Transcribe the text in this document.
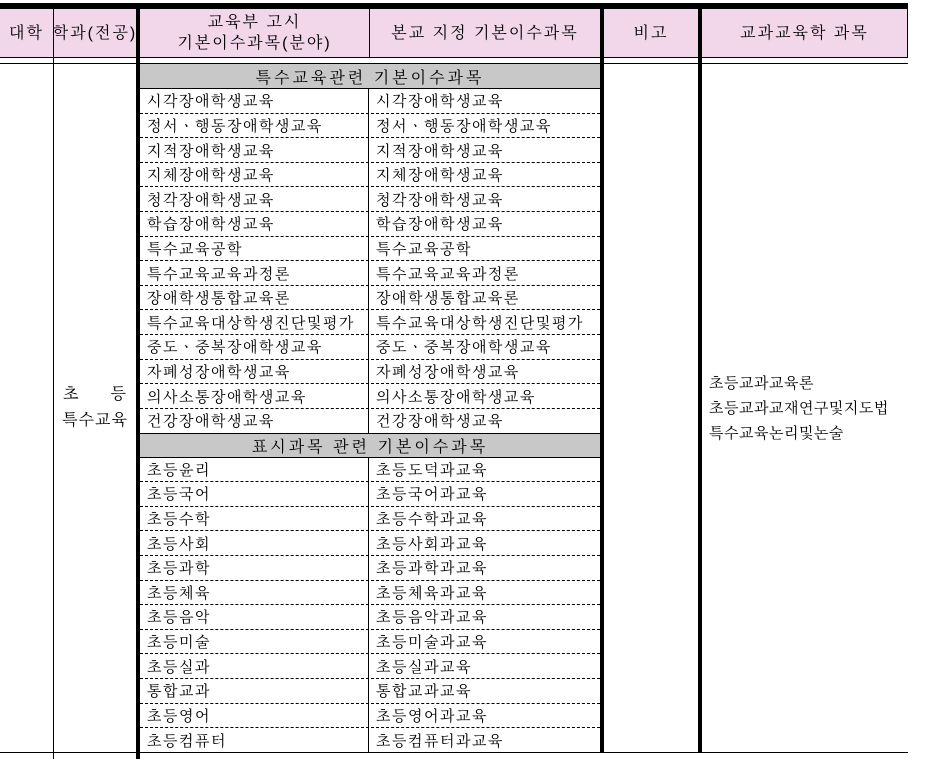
대학 학과(전공)
교육부 고시
기본이수과목(분야)
본교 지정 기본이수과목	비고	교과교육학 과목
초 등
특수교육
특수교육관련 기본이수과목
시각장애학생교육	시각장애학생교육
정서ㆍ행동장애학생교육	정서ㆍ행동장애학생교육
지적장애학생교육	지적장애학생교육
지체장애학생교육	지체장애학생교육
청각장애학생교육	청각장애학생교육
학습장애학생교육	학습장애학생교육
특수교육공학	특수교육공학
특수교육교육과정론	특수교육교육과정론
장애학생통합교육론	장애학생통합교육론
특수교육대상학생진단및평가	특수교육대상학생진단및평가
중도ㆍ중복장애학생교육	중도ㆍ중복장애학생교육
자폐성장애학생교육	자폐성장애학생교육
의사소통장애학생교육	의사소통장애학생교육
건강장애학생교육	건강장애학생교육
표시과목 관련 기본이수과목
초등윤리	초등도덕과교육
초등국어	초등국어과교육
초등수학	초등수학과교육
초등사회	초등사회과교육
초등과학	초등과학과교육
초등체육	초등체육과교육
초등음악	초등음악과교육
초등미술	초등미술과교육
초등실과	초등실과교육
통합교과	통합교과교육
초등영어	초등영어과교육
초등컴퓨터	초등컴퓨터과교육
초등교과교육론
초등교과교재연구및지도법
특수교육논리및논술
